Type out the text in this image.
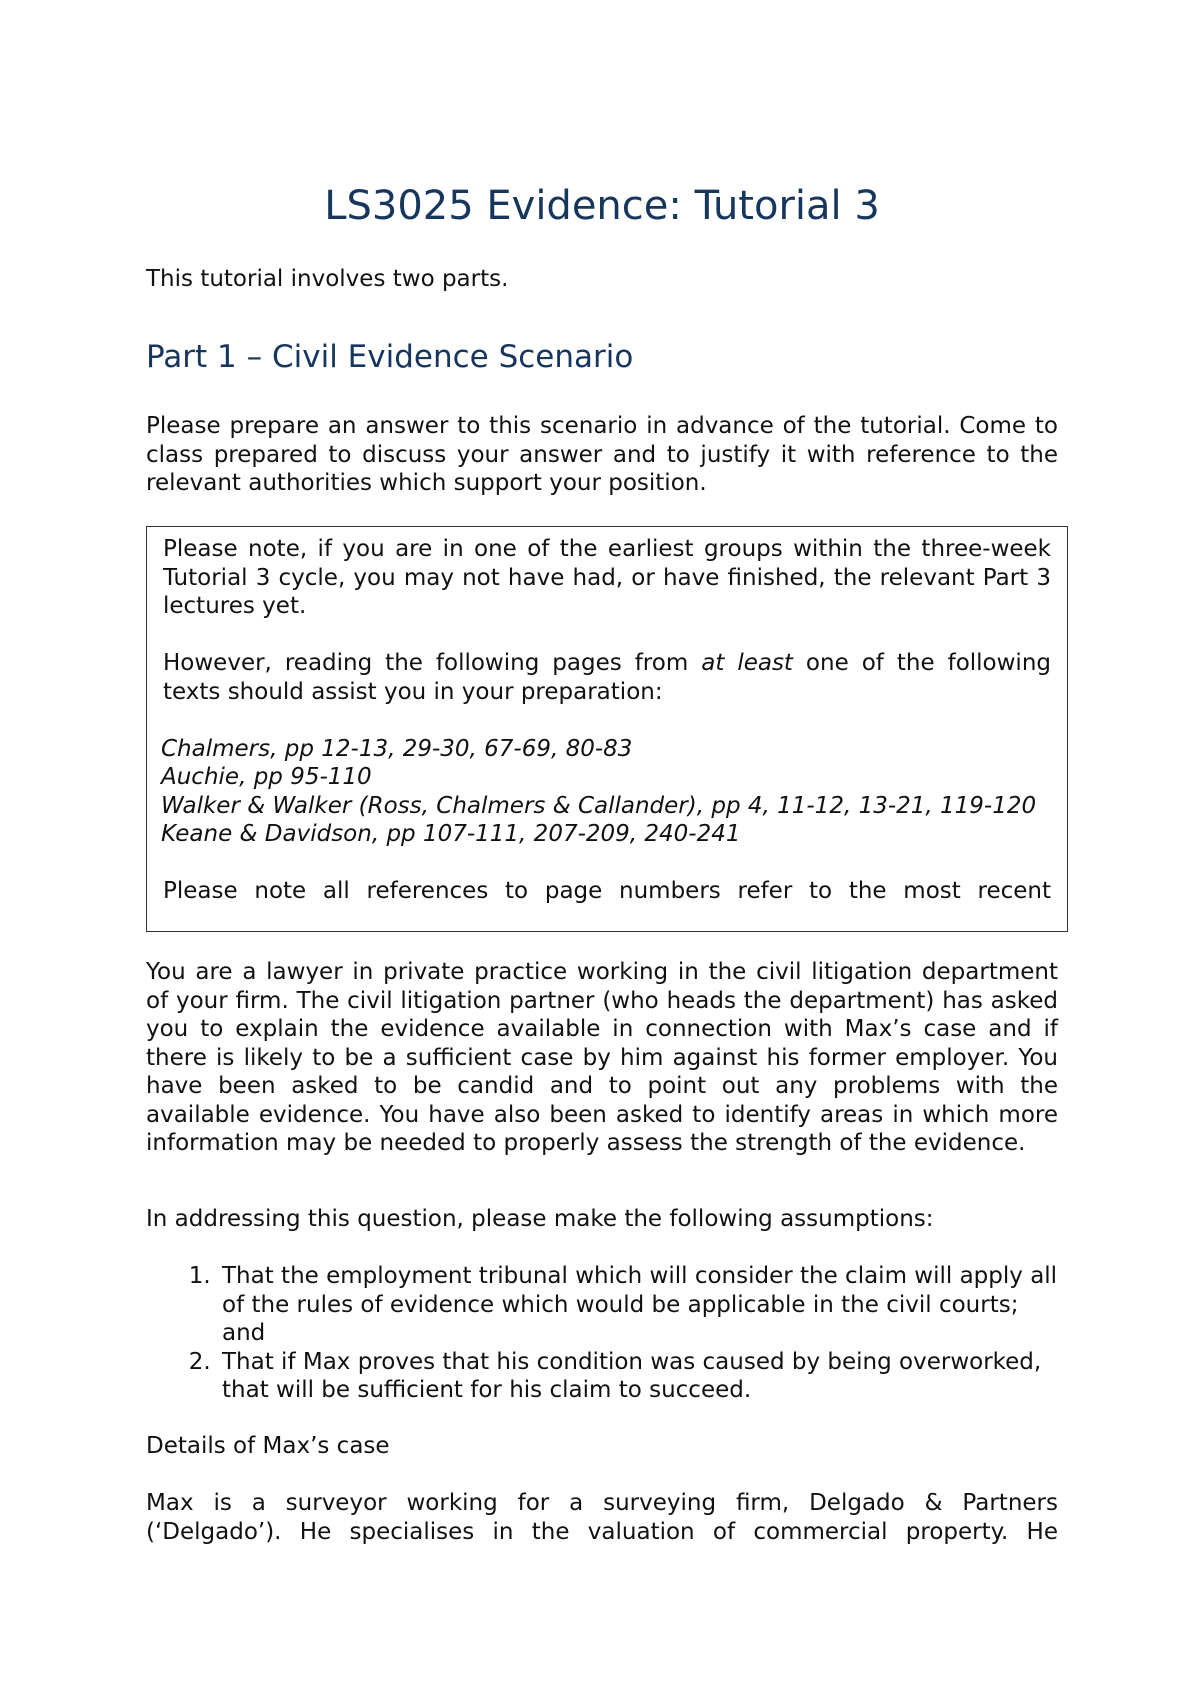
LS3025 Evidence: Tutorial 3

This tutorial involves two parts.

Part 1 – Civil Evidence Scenario

Please prepare an answer to this scenario in advance of the tutorial. Come to class prepared to discuss your answer and to justify it with reference to the relevant authorities which support your position.

Please note, if you are in one of the earliest groups within the three-week Tutorial 3 cycle, you may not have had, or have finished, the relevant Part 3 lectures yet.

However, reading the following pages from at least one of the following texts should assist you in your preparation:

Chalmers, pp 12-13, 29-30, 67-69, 80-83
Auchie, pp 95-110
Walker & Walker (Ross, Chalmers & Callander), pp 4, 11-12, 13-21, 119-120
Keane & Davidson, pp 107-111, 207-209, 240-241

Please note all references to page numbers refer to the most recent

You are a lawyer in private practice working in the civil litigation department of your firm. The civil litigation partner (who heads the department) has asked you to explain the evidence available in connection with Max’s case and if there is likely to be a sufficient case by him against his former employer. You have been asked to be candid and to point out any problems with the available evidence. You have also been asked to identify areas in which more information may be needed to properly assess the strength of the evidence.

In addressing this question, please make the following assumptions:

1. That the employment tribunal which will consider the claim will apply all of the rules of evidence which would be applicable in the civil courts; and
2. That if Max proves that his condition was caused by being overworked, that will be sufficient for his claim to succeed.

Details of Max’s case

Max is a surveyor working for a surveying firm, Delgado & Partners (‘Delgado’). He specialises in the valuation of commercial property. He
